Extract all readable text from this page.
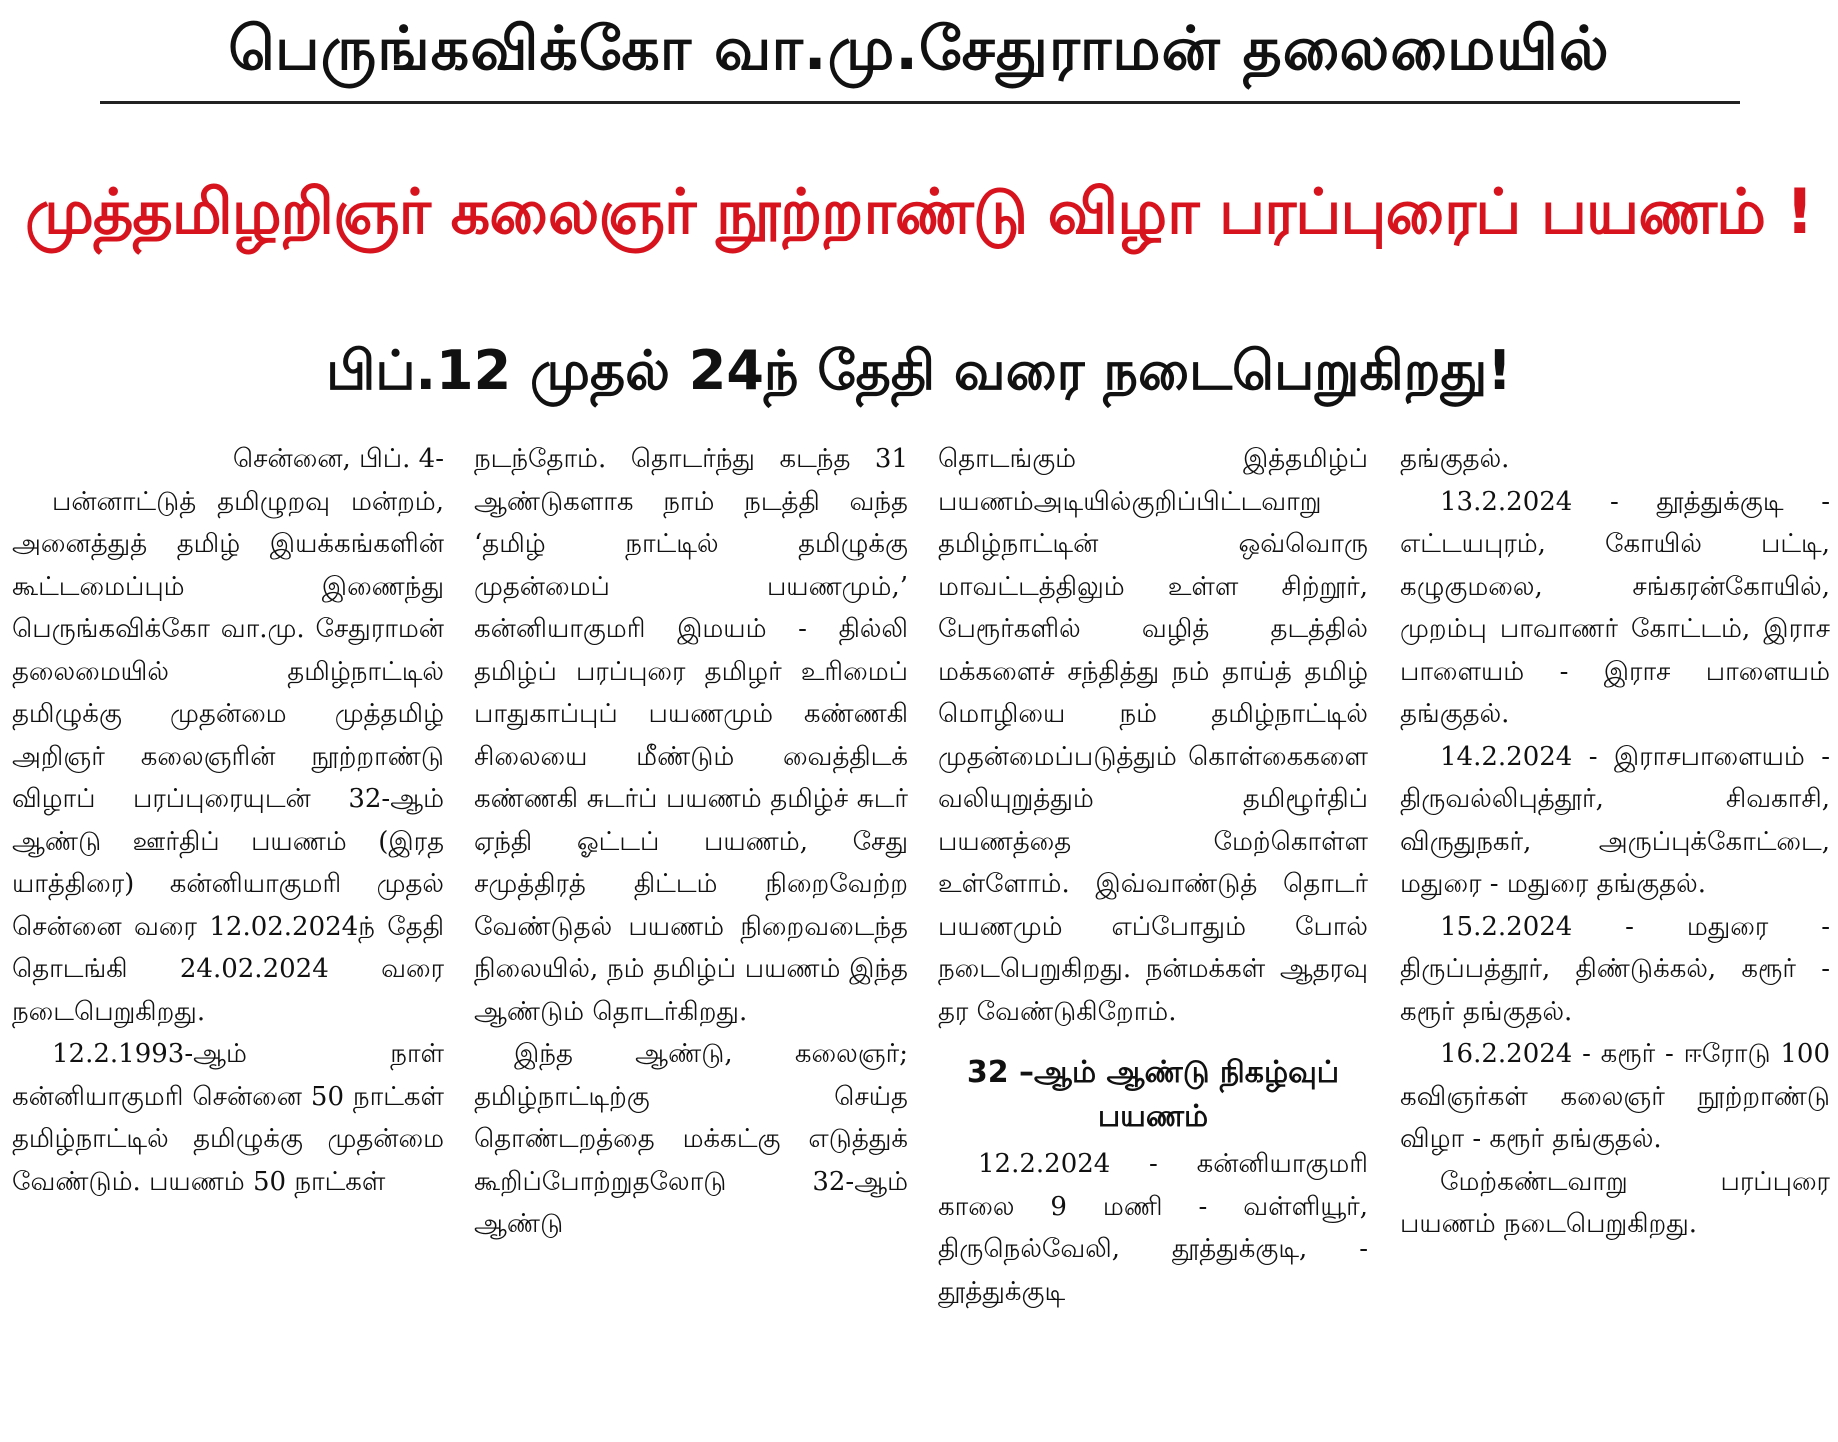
பெருங்கவிக்கோ வா.மு.சேதுராமன் தலைமையில்
முத்தமிழறிஞர் கலைஞர் நூற்றாண்டு விழா பரப்புரைப் பயணம் !
பிப்.12 முதல் 24ந் தேதி வரை நடைபெறுகிறது!

சென்னை, பிப். 4-

பன்னாட்டுத் தமிழுறவு மன்றம், அனைத்துத் தமிழ் இயக்கங்களின் கூட்டமைப்பும் இணைந்து பெருங்கவிக்கோ வா.மு. சேதுராமன் தலைமையில் தமிழ்நாட்டில் தமிழுக்கு முதன்மை முத்தமிழ் அறிஞர் கலைஞரின் நூற்றாண்டு விழாப் பரப்புரையுடன் 32-ஆம் ஆண்டு ஊர்திப் பயணம் (இரத யாத்திரை) கன்னியாகுமரி முதல் சென்னை வரை 12.02.2024ந் தேதி தொடங்கி 24.02.2024 வரை நடைபெறுகிறது.

12.2.1993-ஆம் நாள் கன்னியாகுமரி சென்னை 50 நாட்கள் தமிழ்நாட்டில் தமிழுக்கு முதன்மை வேண்டும். பயணம் 50 நாட்கள்

நடந்தோம். தொடர்ந்து கடந்த 31 ஆண்டுகளாக நாம் நடத்தி வந்த ‘தமிழ் நாட்டில் தமிழுக்கு முதன்மைப் பயணமும்,’ கன்னியாகுமரி இமயம் - தில்லி தமிழ்ப் பரப்புரை தமிழர் உரிமைப் பாதுகாப்புப் பயணமும் கண்ணகி சிலையை மீண்டும் வைத்திடக் கண்ணகி சுடர்ப் பயணம் தமிழ்ச் சுடர் ஏந்தி ஓட்டப் பயணம், சேது சமுத்திரத் திட்டம் நிறைவேற்ற வேண்டுதல் பயணம் நிறைவடைந்த நிலையில், நம் தமிழ்ப் பயணம் இந்த ஆண்டும் தொடர்கிறது.

இந்த ஆண்டு, கலைஞர்; தமிழ்நாட்டிற்கு செய்த தொண்டறத்தை மக்கட்கு எடுத்துக் கூறிப்போற்றுதலோடு 32-ஆம் ஆண்டு

தொடங்கும் இத்தமிழ்ப் பயணம்அடியில்குறிப்பிட்டவாறு தமிழ்நாட்டின் ஒவ்வொரு மாவட்டத்திலும் உள்ள சிற்றூர், பேரூர்களில் வழித் தடத்தில் மக்களைச் சந்தித்து நம் தாய்த் தமிழ் மொழியை நம் தமிழ்நாட்டில் முதன்மைப்படுத்தும் கொள்கைகளை வலியுறுத்தும் தமிழூர்திப் பயணத்தை மேற்கொள்ள உள்ளோம். இவ்வாண்டுத் தொடர் பயணமும் எப்போதும் போல் நடைபெறுகிறது. நன்மக்கள் ஆதரவு தர வேண்டுகிறோம்.

32 –ஆம் ஆண்டு நிகழ்வுப் பயணம்

12.2.2024 - கன்னியாகுமரி காலை 9 மணி - வள்ளியூர், திருநெல்வேலி, தூத்துக்குடி, - தூத்துக்குடி

தங்குதல்.

13.2.2024 - தூத்துக்குடி - எட்டயபுரம், கோயில் பட்டி, கழுகுமலை, சங்கரன்கோயில், முறம்பு பாவாணர் கோட்டம், இராச பாளையம் - இராச பாளையம் தங்குதல்.

14.2.2024 - இராசபாளையம் - திருவல்லிபுத்தூர், சிவகாசி, விருதுநகர், அருப்புக்கோட்டை, மதுரை - மதுரை தங்குதல்.

15.2.2024 - மதுரை - திருப்பத்தூர், திண்டுக்கல், கரூர் - கரூர் தங்குதல்.

16.2.2024 - கரூர் - ஈரோடு 100 கவிஞர்கள் கலைஞர் நூற்றாண்டு விழா - கரூர் தங்குதல்.

மேற்கண்டவாறு பரப்புரை பயணம் நடைபெறுகிறது.
